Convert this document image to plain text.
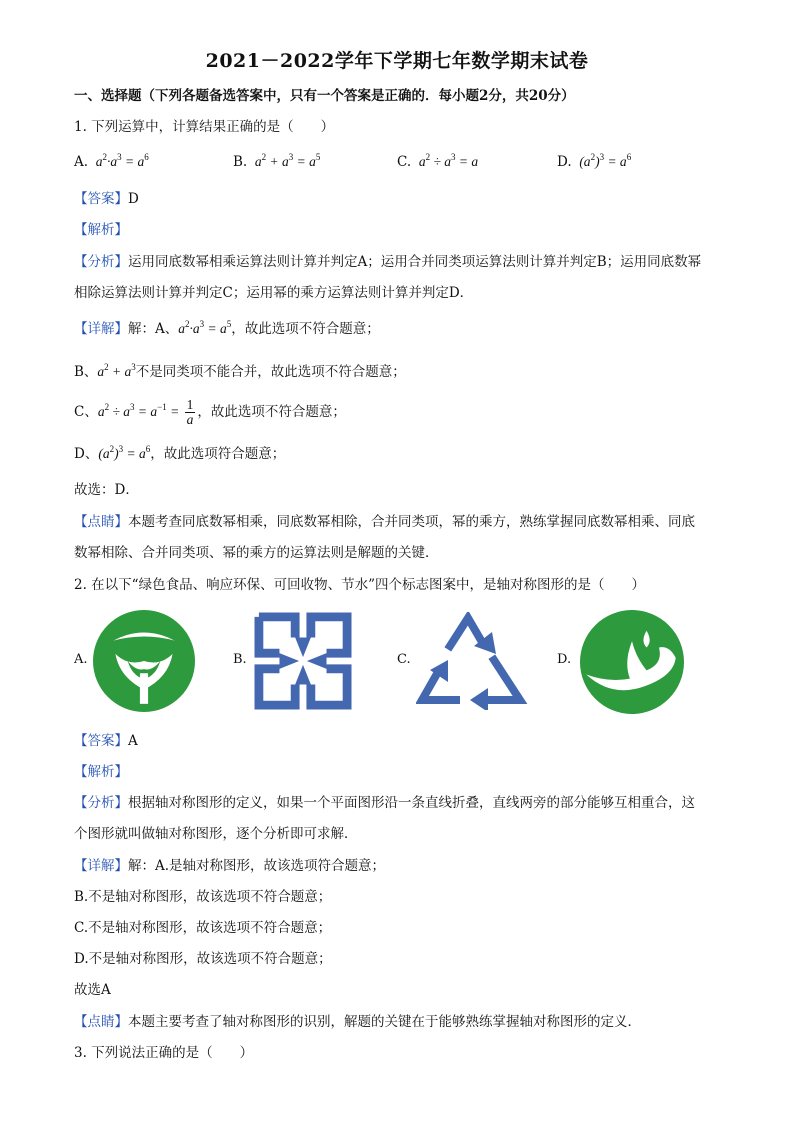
2021－2022学年下学期七年数学期末试卷
一、选择题（下列各题备选答案中，只有一个答案是正确的．每小题2分，共20分）
1. 下列运算中，计算结果正确的是（　　）
A.  $a^2\cdot a^3 = a^6$	B.  $a^2 + a^3 = a^5$	C.  $a^2 \div a^3 = a$	D.  $(a^2)^3 = a^6$
【答案】D
【解析】
【分析】运用同底数幂相乘运算法则计算并判定A；运用合并同类项运算法则计算并判定B；运用同底数幂
相除运算法则计算并判定C；运用幂的乘方运算法则计算并判定D．
【详解】解：A、$a^2\cdot a^3 = a^5$，故此选项不符合题意；
B、$a^2 + a^3$不是同类项不能合并，故此选项不符合题意；
C、$a^2 \div a^3 = a^{-1} = \frac{1}{a}$ ，故此选项不符合题意；
D、$(a^2)^3 = a^6$，故此选项符合题意；
故选：D．
【点睛】本题考查同底数幂相乘，同底数幂相除，合并同类项，幂的乘方，熟练掌握同底数幂相乘、同底
数幂相除、合并同类项、幂的乘方的运算法则是解题的关键．
2. 在以下“绿色食品、响应环保、可回收物、节水”四个标志图案中，是轴对称图形的是（　　）
A.	B.	C.	D.
【答案】A
【解析】
【分析】根据轴对称图形的定义，如果一个平面图形沿一条直线折叠，直线两旁的部分能够互相重合，这
个图形就叫做轴对称图形，逐个分析即可求解．
【详解】解：A.是轴对称图形，故该选项符合题意；
B.不是轴对称图形，故该选项不符合题意；
C.不是轴对称图形，故该选项不符合题意；
D.不是轴对称图形，故该选项不符合题意；
故选A
【点睛】本题主要考查了轴对称图形的识别，解题的关键在于能够熟练掌握轴对称图形的定义．
3. 下列说法正确的是（　　）
